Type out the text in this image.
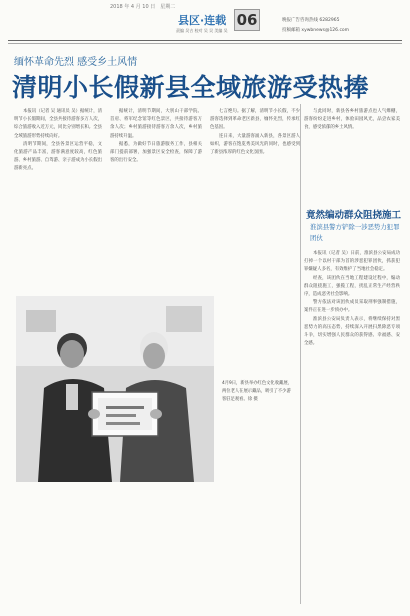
2018 年 4 月 10 日　星期二
县区·连载 06
责编 吴吉 校对 吴 吴 美编 吴
晚报广告咨询热线 6282965
投稿邮箱 xywbnews@126.com
缅怀革命先烈 感受乡土风情
清明小长假新县全域旅游受热捧

本报讯（记者 吴 通讯员 吴）据统计，清明节小长假期间，全县共接待游客多万人次，综合旅游收入近万元，同比分别增长和。全县全域旅游形势持续向好。

清明节期间，全县各景区运营平稳，文化旅游产品丰富，游客满意度较高，红色旅游、乡村旅游、自驾游、亲子游成为小长假出游新亮点。

据统计，清明节期间，大别山干部学院、首府、将军纪念馆等红色景区，共接待游客万余人次；乡村旅游接待游客万余人次，乡村旅游持续升温。

据悉，为做好节日旅游服务工作，县相关部门提前部署，加强景区安全检查，保障了游客的出行安全。

七言绝句。据了解，清明节小长假，不少游客选择到革命老区新县，缅怀先烈，传承红色基因。

连日来，大量游客涌入新县，各景区游人如织，游客在饱览秀美风光的同时，也感受到了新县浓厚的红色文化氛围。

与此同时，新县各乡村旅游点也人气爆棚，游客纷纷走进乡村，体验田园风光，品尝农家美食，感受浓郁的乡土风情。

4月9日，新县举办红色文化收藏展，两位老人在展示藏品，吸引了不少游客驻足观看。徐 摄
竟然编动群众阻挠施工
淮滨县警方铲除一涉恶势力犯罪团伙

本报讯（记者 吴）日前，淮滨县公安局成功打掉一个以村干部为首的涉恶犯罪团伙，抓获犯罪嫌疑人多名，有效维护了当地社会稳定。

经查，该团伙在当地工程建设过程中，煽动群众阻挠施工，强揽工程，扰乱正常生产经营秩序，造成恶劣社会影响。

警方依法对该团伙成员采取刑事强制措施，案件正在进一步侦办中。

淮滨县公安局负责人表示，将继续保持对黑恶势力的高压态势，持续深入开展扫黑除恶专项斗争，切实增强人民群众的获得感、幸福感、安全感。
